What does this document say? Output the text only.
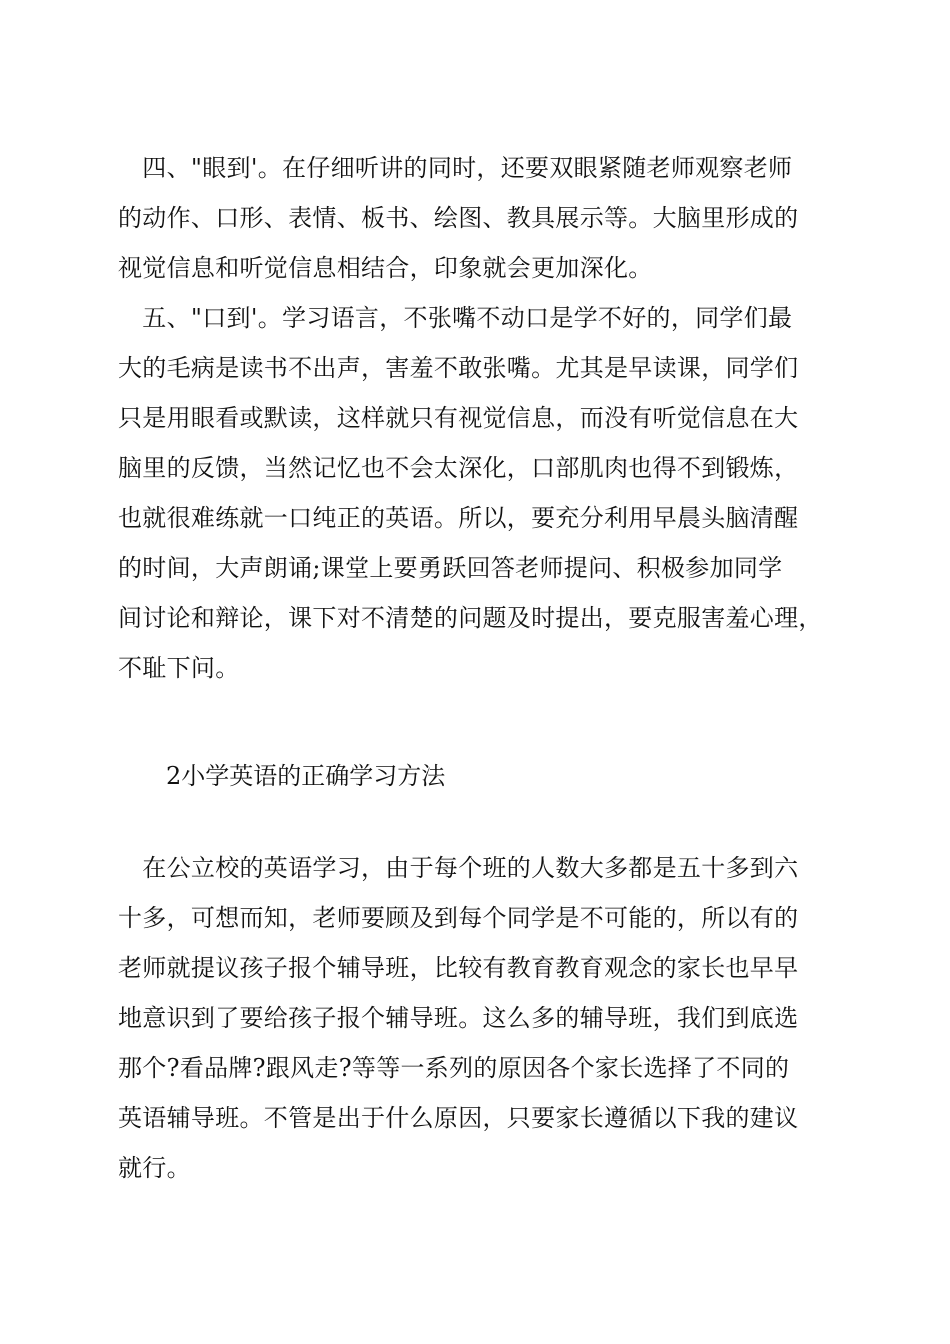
　四、"眼到'。在仔细听讲的同时，还要双眼紧随老师观察老师
的动作、口形、表情、板书、绘图、教具展示等。大脑里形成的
视觉信息和听觉信息相结合，印象就会更加深化。
　五、"口到'。学习语言，不张嘴不动口是学不好的，同学们最
大的毛病是读书不出声，害羞不敢张嘴。尤其是早读课，同学们
只是用眼看或默读，这样就只有视觉信息，而没有听觉信息在大
脑里的反馈，当然记忆也不会太深化，口部肌肉也得不到锻炼，
也就很难练就一口纯正的英语。所以，要充分利用早晨头脑清醒
的时间，大声朗诵;课堂上要勇跃回答老师提问、积极参加同学
间讨论和辩论，课下对不清楚的问题及时提出，要克服害羞心理，
不耻下问。
2小学英语的正确学习方法
　在公立校的英语学习，由于每个班的人数大多都是五十多到六
十多，可想而知，老师要顾及到每个同学是不可能的，所以有的
老师就提议孩子报个辅导班，比较有教育教育观念的家长也早早
地意识到了要给孩子报个辅导班。这么多的辅导班，我们到底选
那个?看品牌?跟风走?等等一系列的原因各个家长选择了不同的
英语辅导班。不管是出于什么原因，只要家长遵循以下我的建议
就行。
